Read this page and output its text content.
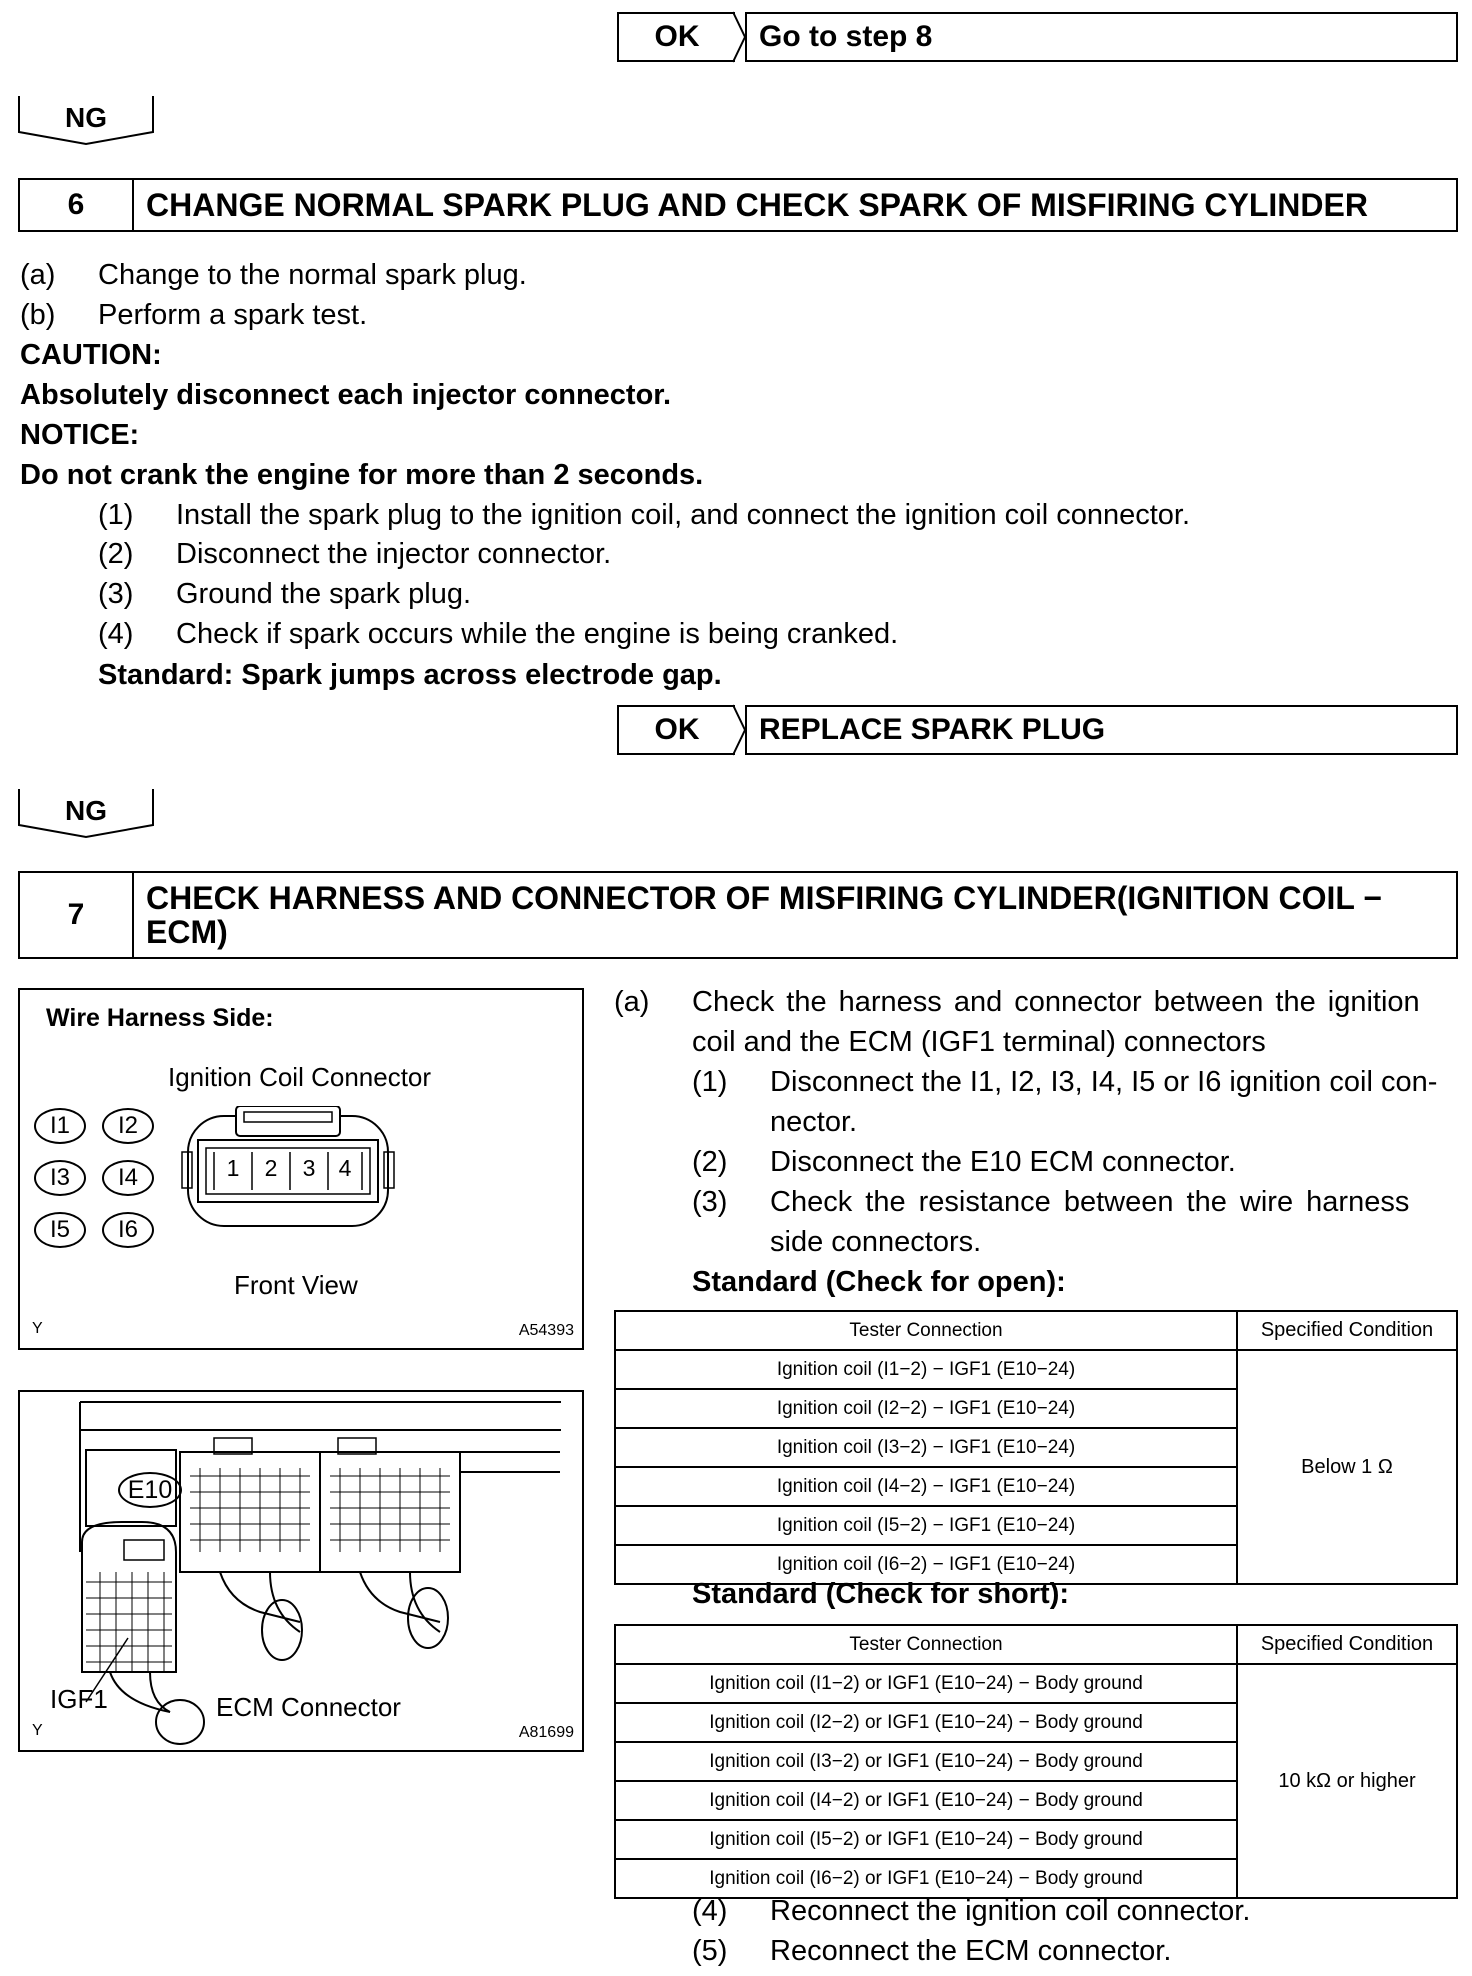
OK	Go to step 8
NG
6	CHANGE NORMAL SPARK PLUG AND CHECK SPARK OF MISFIRING CYLINDER
(a) Change to the normal spark plug.
(b) Perform a spark test.
CAUTION:
Absolutely disconnect each injector connector.
NOTICE:
Do not crank the engine for more than 2 seconds.
(1) Install the spark plug to the ignition coil, and connect the ignition coil connector.
(2) Disconnect the injector connector.
(3) Ground the spark plug.
(4) Check if spark occurs while the engine is being cranked.
Standard: Spark jumps across electrode gap.
OK	REPLACE SPARK PLUG
NG
7	CHECK HARNESS AND CONNECTOR OF MISFIRING CYLINDER(IGNITION COIL −
ECM)
Wire Harness Side:
Ignition Coil Connector
I1	I2
I3	I4
I5	I6
1	2	3	4
Front View
Y	A54393
E10
IGF1	ECM Connector
Y	A81699
(a) Check the harness and connector between the ignition
coil and the ECM (IGF1 terminal) connectors
(1) Disconnect the I1, I2, I3, I4, I5 or I6 ignition coil con-
nector.
(2) Disconnect the E10 ECM connector.
(3) Check the resistance between the wire harness
side connectors.
Standard (Check for open):
Tester Connection	Specified Condition
Ignition coil (I1−2) − IGF1 (E10−24)	Below 1 Ω
Ignition coil (I2−2) − IGF1 (E10−24)	
Ignition coil (I3−2) − IGF1 (E10−24)	
Ignition coil (I4−2) − IGF1 (E10−24)	
Ignition coil (I5−2) − IGF1 (E10−24)	
Ignition coil (I6−2) − IGF1 (E10−24)	
Standard (Check for short):
Tester Connection	Specified Condition
Ignition coil (I1−2) or IGF1 (E10−24) − Body ground	10 kΩ or higher
Ignition coil (I2−2) or IGF1 (E10−24) − Body ground	
Ignition coil (I3−2) or IGF1 (E10−24) − Body ground	
Ignition coil (I4−2) or IGF1 (E10−24) − Body ground	
Ignition coil (I5−2) or IGF1 (E10−24) − Body ground	
Ignition coil (I6−2) or IGF1 (E10−24) − Body ground	
(4) Reconnect the ignition coil connector.
(5) Reconnect the ECM connector.
